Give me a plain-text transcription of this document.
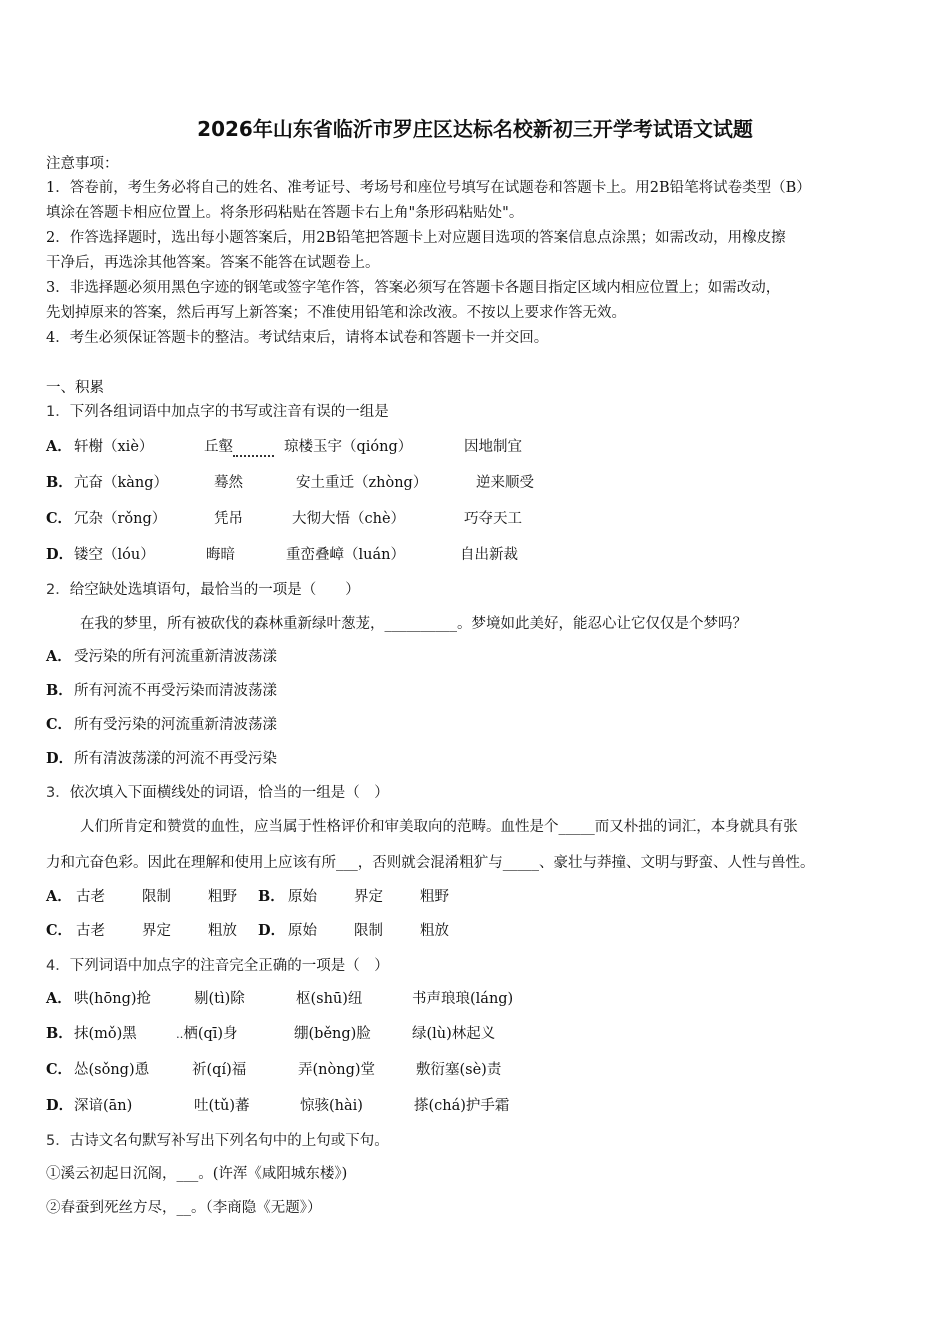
2026年山东省临沂市罗庄区达标名校新初三开学考试语文试题
注意事项：
1．答卷前，考生务必将自己的姓名、准考证号、考场号和座位号填写在试题卷和答题卡上。用2B铅笔将试卷类型（B）
填涂在答题卡相应位置上。将条形码粘贴在答题卡右上角"条形码粘贴处"。
2．作答选择题时，选出每小题答案后，用2B铅笔把答题卡上对应题目选项的答案信息点涂黑；如需改动，用橡皮擦
干净后，再选涂其他答案。答案不能答在试题卷上。
3．非选择题必须用黑色字迹的钢笔或签字笔作答，答案必须写在答题卡各题目指定区域内相应位置上；如需改动，
先划掉原来的答案，然后再写上新答案；不准使用铅笔和涂改液。不按以上要求作答无效。
4．考生必须保证答题卡的整洁。考试结束后，请将本试卷和答题卡一并交回。
一、积累
1．下列各组词语中加点字的书写或注音有误的一组是
A． 轩榭（xiè）	丘壑	琼楼玉宇（qióng）	因地制宜
B． 亢奋（kàng）	蓦然	安土重迁（zhòng）	逆来顺受
C． 冗杂（rǒng）	凭吊	大彻大悟（chè）	巧夺天工
D． 镂空（lóu）	晦暗	重峦叠嶂（luán）	自出新裁
2．给空缺处选填语句，最恰当的一项是（　　）
在我的梦里，所有被砍伐的森林重新绿叶葱茏，__________。梦境如此美好，能忍心让它仅仅是个梦吗？
A． 受污染的所有河流重新清波荡漾
B． 所有河流不再受污染而清波荡漾
C． 所有受污染的河流重新清波荡漾
D． 所有清波荡漾的河流不再受污染
3．依次填入下面横线处的词语，恰当的一组是（　）
人们所肯定和赞赏的血性，应当属于性格评价和审美取向的范畴。血性是个_____而又朴拙的词汇，本身就具有张
力和亢奋色彩。因此在理解和使用上应该有所___，否则就会混淆粗犷与_____、豪壮与莽撞、文明与野蛮、人性与兽性。
A． 古老	限制	粗野 B． 原始	界定	粗野
C． 古老	界定	粗放 D． 原始	限制	粗放
4．下列词语中加点字的注音完全正确的一项是（　）
A． 哄(hōng)抢	剔(tì)除	枢(shū)纽	书声琅琅(láng)
B． 抹(mǒ)黑	‥栖(qī)身	绷(běng)脸	绿(lù)林起义
C． 怂(sǒng)恿	祈(qí)福	弄(nòng)堂	敷衍塞(sè)责
D． 深谙(ān)	吐(tǔ)蕃	惊骇(hài)	搽(chá)护手霜
5．古诗文名句默写补写出下列名句中的上句或下句。
①溪云初起日沉阁，___。(许浑《咸阳城东楼》)
②春蚕到死丝方尽，__。（李商隐《无题》）
